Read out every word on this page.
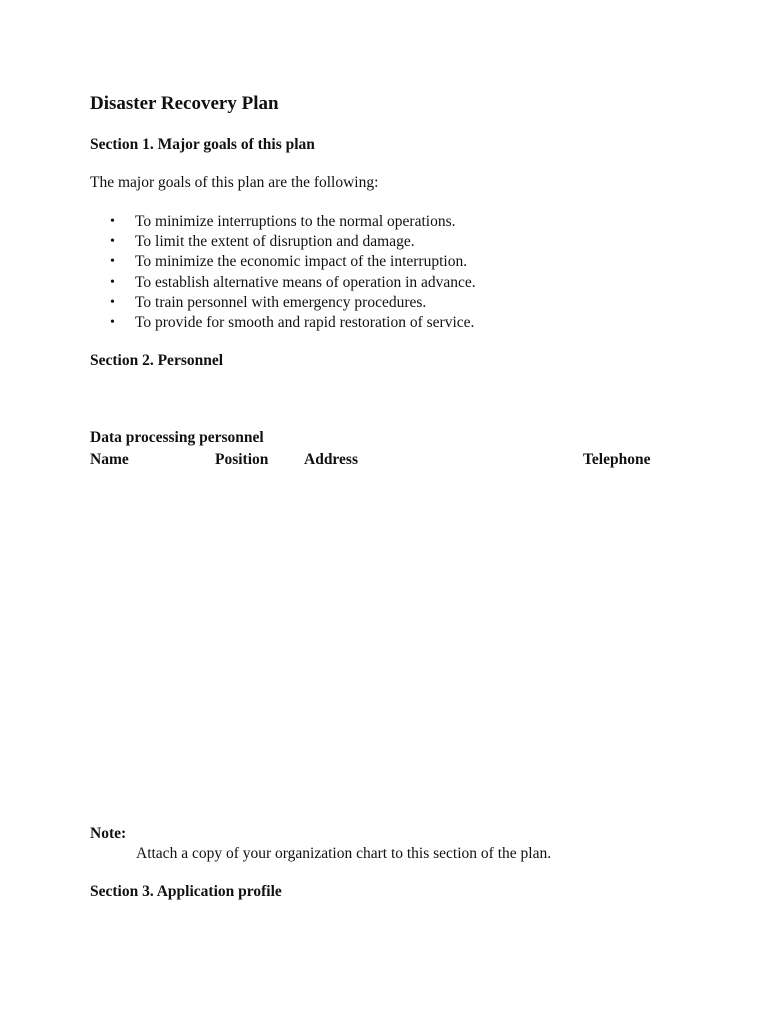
Disaster Recovery Plan
Section 1. Major goals of this plan
The major goals of this plan are the following:
• To minimize interruptions to the normal operations.
• To limit the extent of disruption and damage.
• To minimize the economic impact of the interruption.
• To establish alternative means of operation in advance.
• To train personnel with emergency procedures.
• To provide for smooth and rapid restoration of service.
Section 2. Personnel
Data processing personnel
Name	Position Address	Telephone
Note:
Attach a copy of your organization chart to this section of the plan.
Section 3. Application profile
